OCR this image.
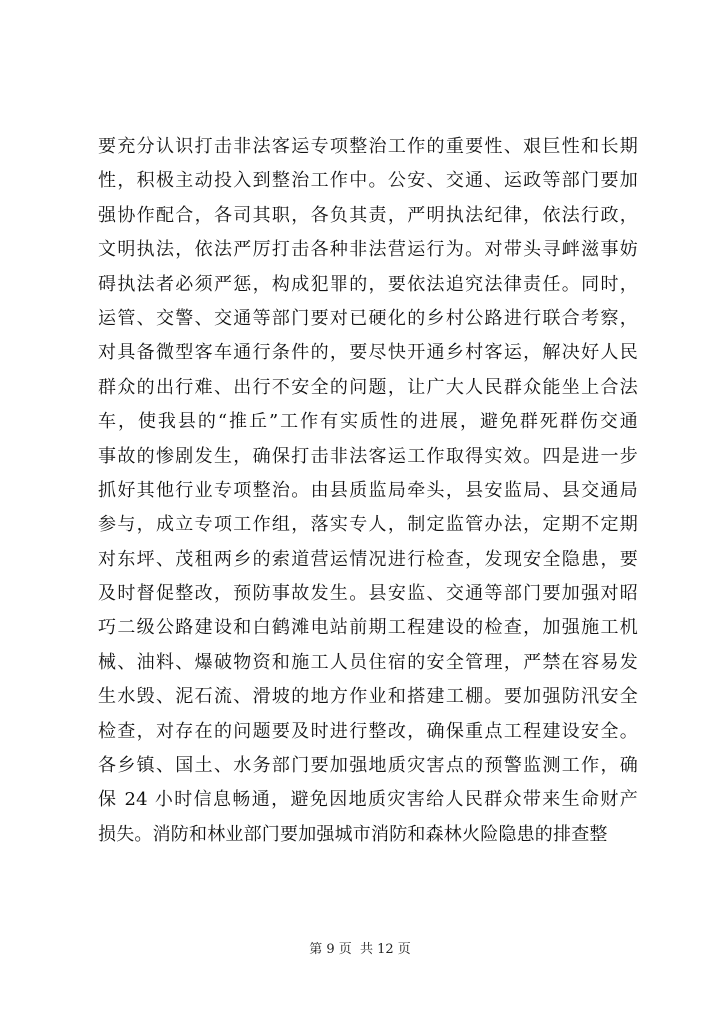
要充分认识打击非法客运专项整治工作的重要性、艰巨性和长期
性，积极主动投入到整治工作中。公安、交通、运政等部门要加
强协作配合，各司其职，各负其责，严明执法纪律，依法行政，
文明执法，依法严厉打击各种非法营运行为。对带头寻衅滋事妨
碍执法者必须严惩，构成犯罪的，要依法追究法律责任。同时，
运管、交警、交通等部门要对已硬化的乡村公路进行联合考察，
对具备微型客车通行条件的，要尽快开通乡村客运，解决好人民
群众的出行难、出行不安全的问题，让广大人民群众能坐上合法
车，使我县的“推丘”工作有实质性的进展，避免群死群伤交通
事故的惨剧发生，确保打击非法客运工作取得实效。四是进一步
抓好其他行业专项整治。由县质监局牵头，县安监局、县交通局
参与，成立专项工作组，落实专人，制定监管办法，定期不定期
对东坪、茂租两乡的索道营运情况进行检查，发现安全隐患，要
及时督促整改，预防事故发生。县安监、交通等部门要加强对昭
巧二级公路建设和白鹤滩电站前期工程建设的检查，加强施工机
械、油料、爆破物资和施工人员住宿的安全管理，严禁在容易发
生水毁、泥石流、滑坡的地方作业和搭建工棚。要加强防汛安全
检查，对存在的问题要及时进行整改，确保重点工程建设安全。
各乡镇、国土、水务部门要加强地质灾害点的预警监测工作，确
保 24 小时信息畅通，避免因地质灾害给人民群众带来生命财产
损失。消防和林业部门要加强城市消防和森林火险隐患的排查整
第 9 页 共 12 页
